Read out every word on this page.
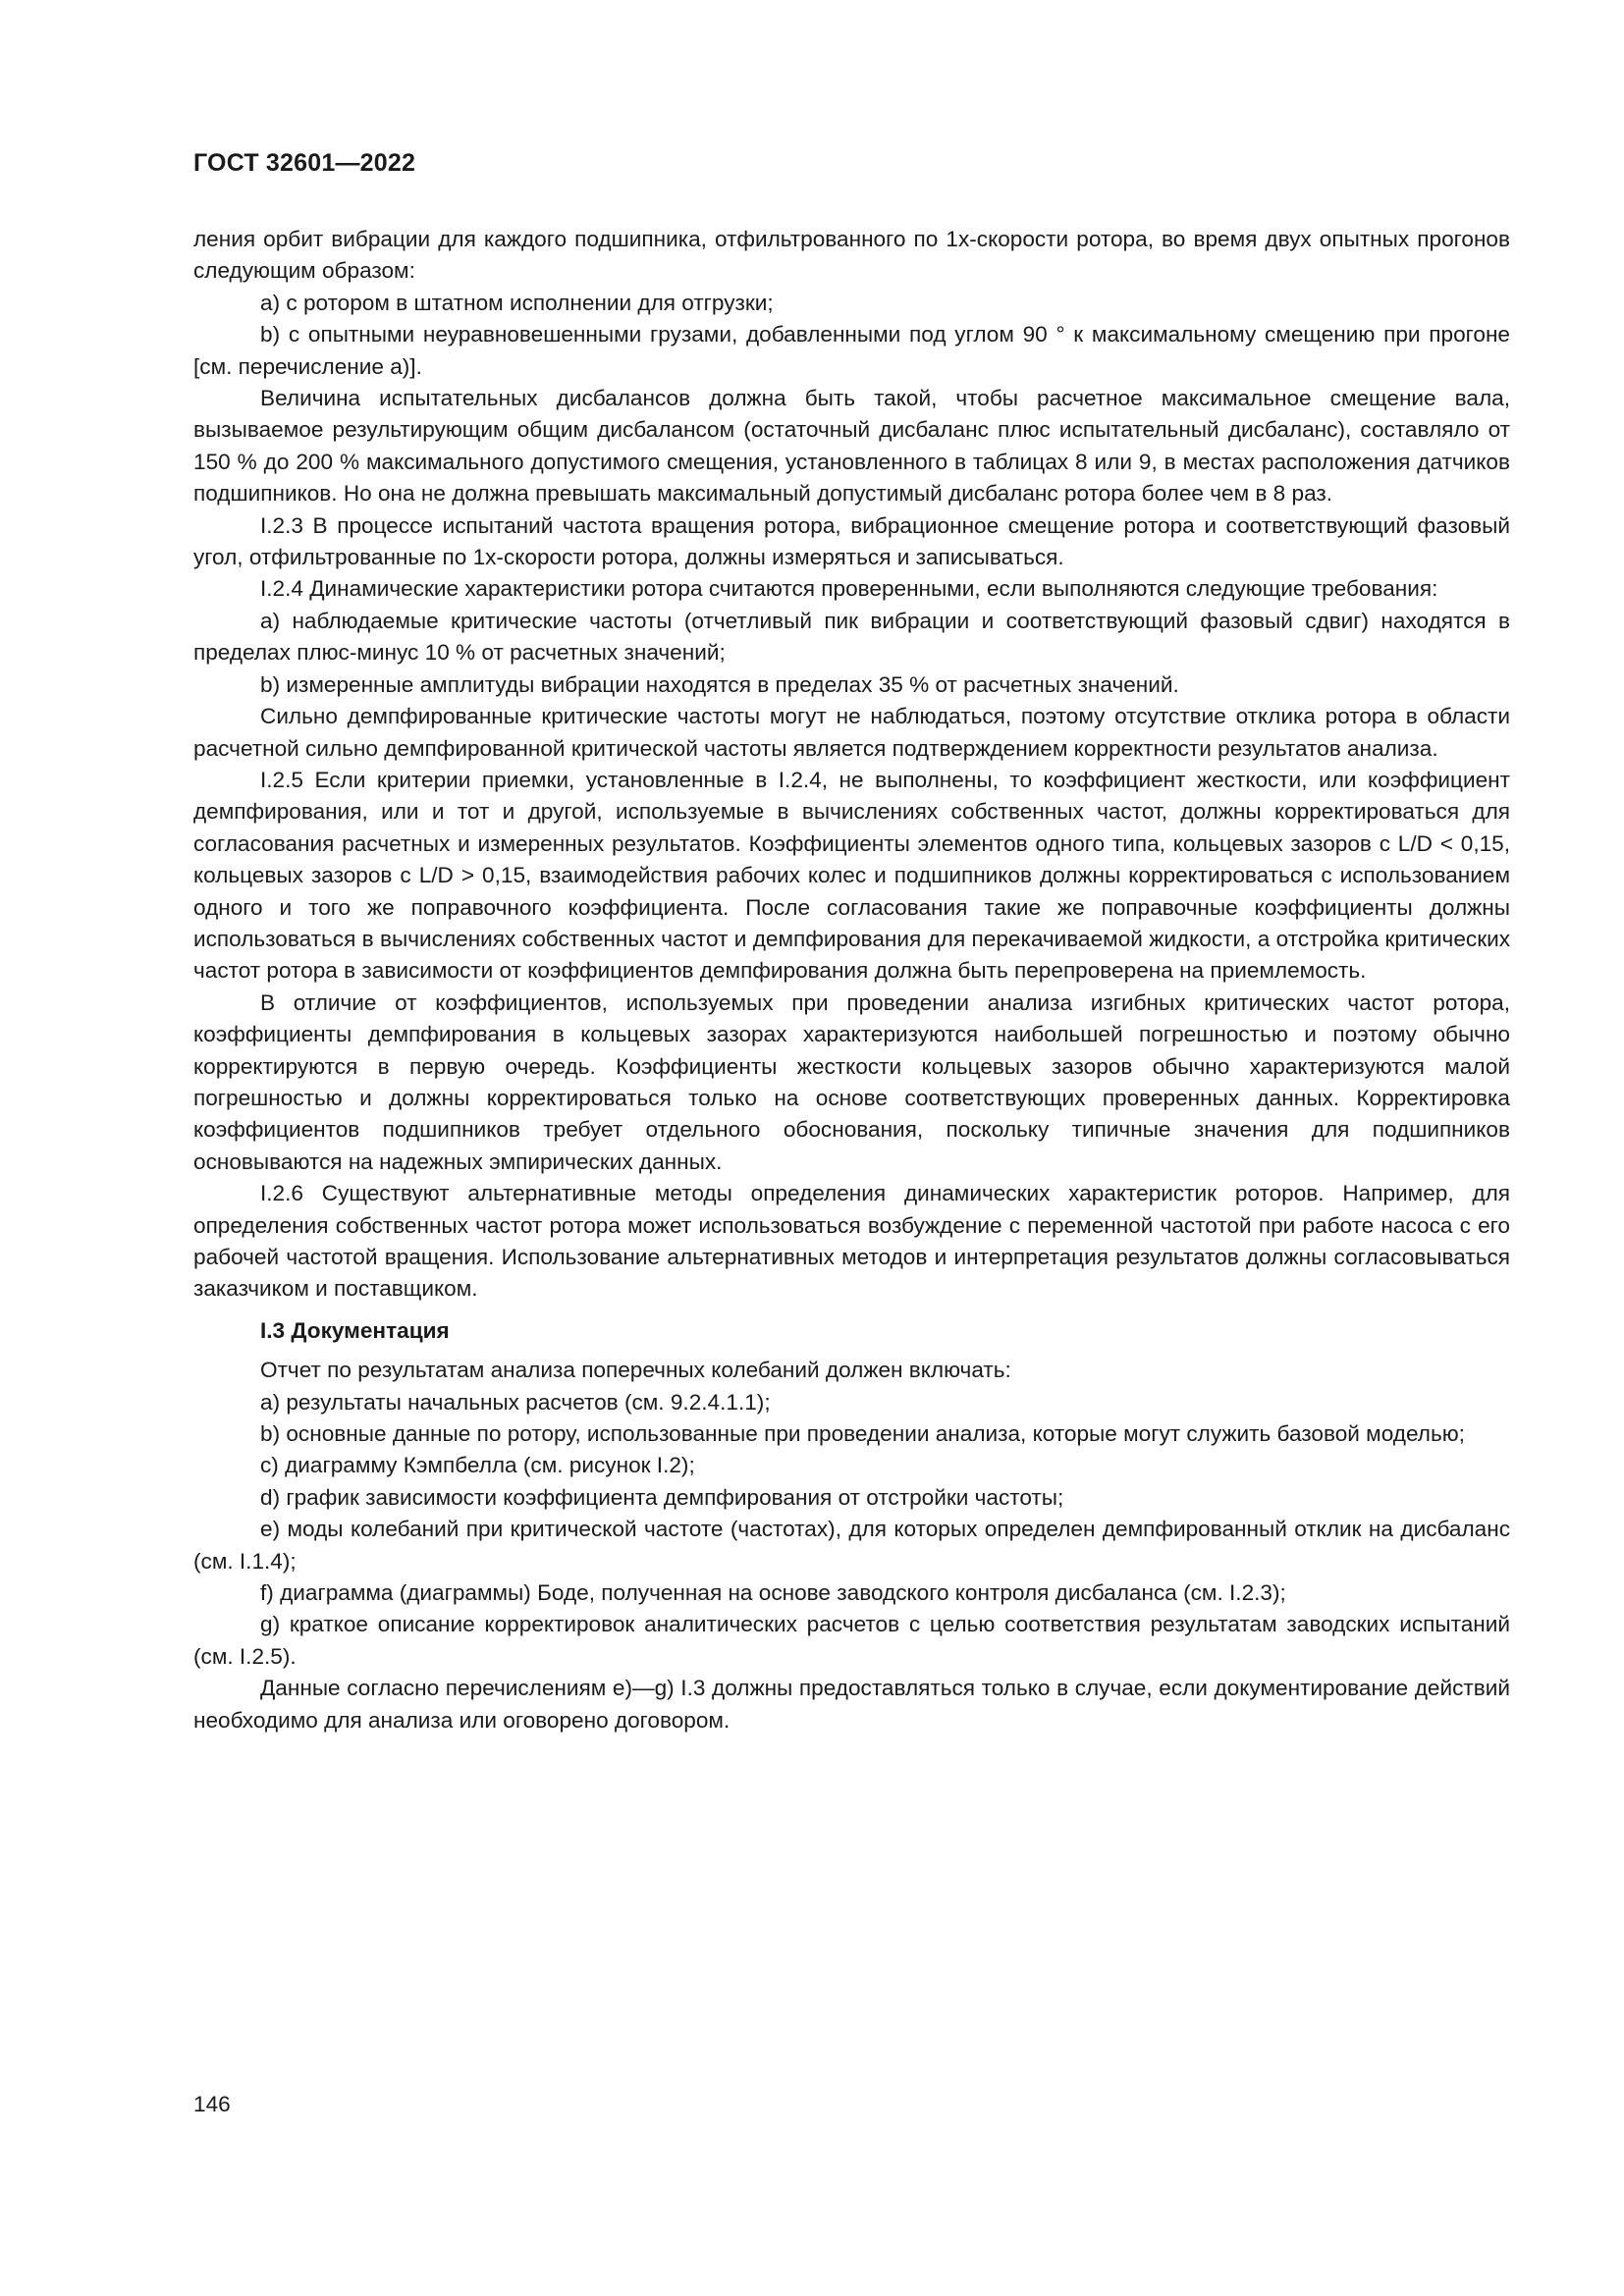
ГОСТ 32601—2022

ления орбит вибрации для каждого подшипника, отфильтрованного по 1x-скорости ротора, во время двух опытных прогонов следующим образом:

a) с ротором в штатном исполнении для отгрузки;

b) с опытными неуравновешенными грузами, добавленными под углом 90 ° к максимальному смещению при прогоне [см. перечисление a)].

Величина испытательных дисбалансов должна быть такой, чтобы расчетное максимальное смещение вала, вызываемое результирующим общим дисбалансом (остаточный дисбаланс плюс испытательный дисбаланс), составляло от 150 % до 200 % максимального допустимого смещения, установленного в таблицах 8 или 9, в местах расположения датчиков подшипников. Но она не должна превышать максимальный допустимый дисбаланс ротора более чем в 8 раз.

I.2.3 В процессе испытаний частота вращения ротора, вибрационное смещение ротора и соответствующий фазовый угол, отфильтрованные по 1x-скорости ротора, должны измеряться и записываться.

I.2.4 Динамические характеристики ротора считаются проверенными, если выполняются следующие требования:

a) наблюдаемые критические частоты (отчетливый пик вибрации и соответствующий фазовый сдвиг) находятся в пределах плюс-минус 10 % от расчетных значений;

b) измеренные амплитуды вибрации находятся в пределах 35 % от расчетных значений.

Сильно демпфированные критические частоты могут не наблюдаться, поэтому отсутствие отклика ротора в области расчетной сильно демпфированной критической частоты является подтверждением корректности результатов анализа.

I.2.5 Если критерии приемки, установленные в I.2.4, не выполнены, то коэффициент жесткости, или коэффициент демпфирования, или и тот и другой, используемые в вычислениях собственных частот, должны корректироваться для согласования расчетных и измеренных результатов. Коэффициенты элементов одного типа, кольцевых зазоров с L/D < 0,15, кольцевых зазоров с L/D > 0,15, взаимодействия рабочих колес и подшипников должны корректироваться с использованием одного и того же поправочного коэффициента. После согласования такие же поправочные коэффициенты должны использоваться в вычислениях собственных частот и демпфирования для перекачиваемой жидкости, а отстройка критических частот ротора в зависимости от коэффициентов демпфирования должна быть перепроверена на приемлемость.

В отличие от коэффициентов, используемых при проведении анализа изгибных критических частот ротора, коэффициенты демпфирования в кольцевых зазорах характеризуются наибольшей погрешностью и поэтому обычно корректируются в первую очередь. Коэффициенты жесткости кольцевых зазоров обычно характеризуются малой погрешностью и должны корректироваться только на основе соответствующих проверенных данных. Корректировка коэффициентов подшипников требует отдельного обоснования, поскольку типичные значения для подшипников основываются на надежных эмпирических данных.

I.2.6 Существуют альтернативные методы определения динамических характеристик роторов. Например, для определения собственных частот ротора может использоваться возбуждение с переменной частотой при работе насоса с его рабочей частотой вращения. Использование альтернативных методов и интерпретация результатов должны согласовываться заказчиком и поставщиком.

I.3 Документация

Отчет по результатам анализа поперечных колебаний должен включать:

a) результаты начальных расчетов (см. 9.2.4.1.1);

b) основные данные по ротору, использованные при проведении анализа, которые могут служить базовой моделью;

c) диаграмму Кэмпбелла (см. рисунок I.2);

d) график зависимости коэффициента демпфирования от отстройки частоты;

e) моды колебаний при критической частоте (частотах), для которых определен демпфированный отклик на дисбаланс (см. I.1.4);

f) диаграмма (диаграммы) Боде, полученная на основе заводского контроля дисбаланса (см. I.2.3);

g) краткое описание корректировок аналитических расчетов с целью соответствия результатам заводских испытаний (см. I.2.5).

Данные согласно перечислениям e)—g) I.3 должны предоставляться только в случае, если документирование действий необходимо для анализа или оговорено договором.

146
